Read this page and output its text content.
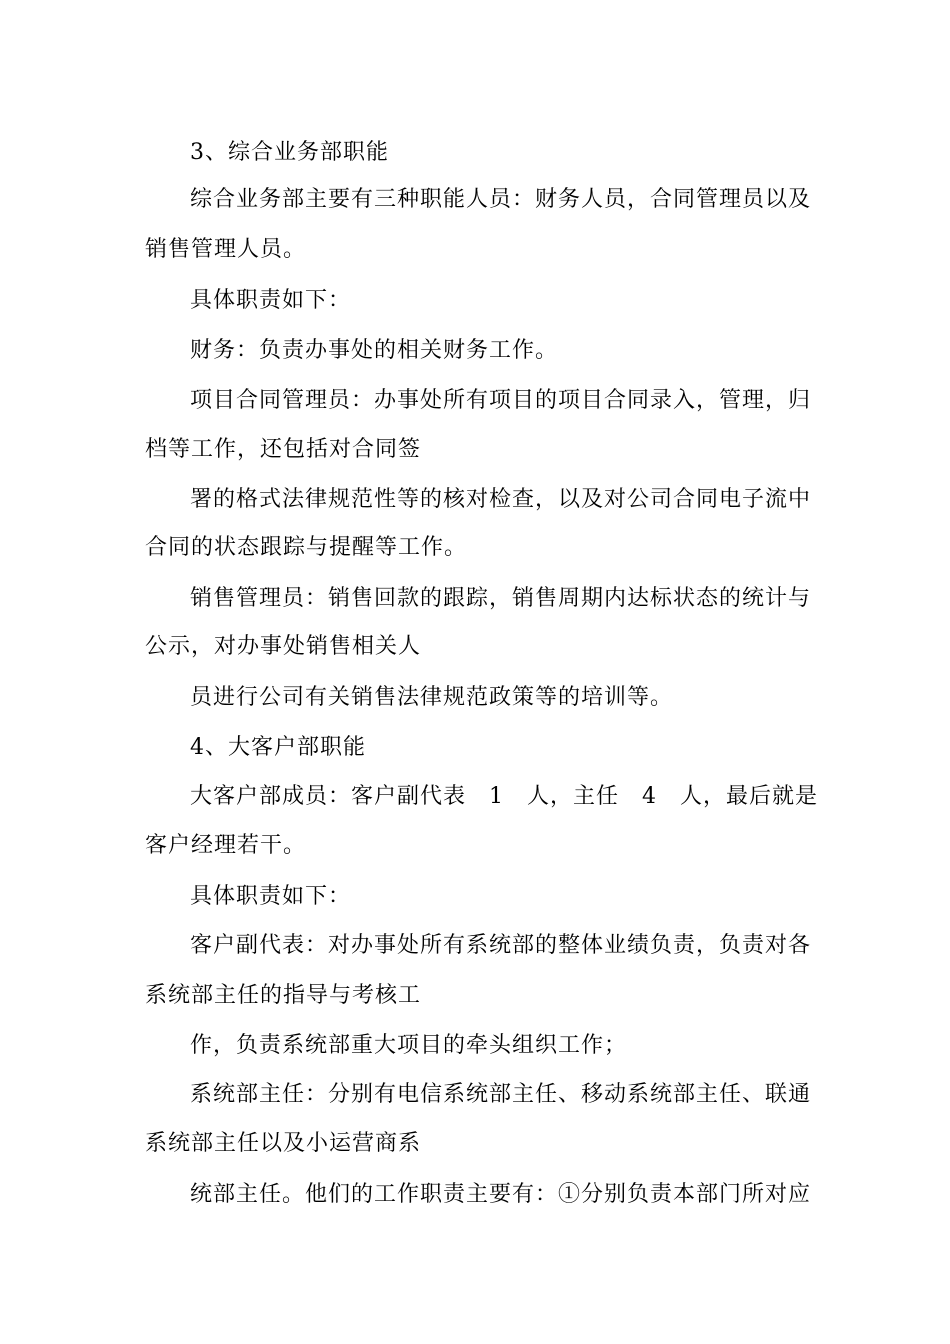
3、综合业务部职能
综合业务部主要有三种职能人员：财务人员，合同管理员以及
销售管理人员。
具体职责如下：
财务：负责办事处的相关财务工作。
项目合同管理员：办事处所有项目的项目合同录入，管理，归
档等工作，还包括对合同签
署的格式法律规范性等的核对检查，以及对公司合同电子流中
合同的状态跟踪与提醒等工作。
销售管理员：销售回款的跟踪，销售周期内达标状态的统计与
公示，对办事处销售相关人
员进行公司有关销售法律规范政策等的培训等。
4、大客户部职能
大客户部成员：客户副代表　1　人，主任　4　人，最后就是
客户经理若干。
具体职责如下：
客户副代表：对办事处所有系统部的整体业绩负责，负责对各
系统部主任的指导与考核工
作，负责系统部重大项目的牵头组织工作；
系统部主任：分别有电信系统部主任、移动系统部主任、联通
系统部主任以及小运营商系
统部主任。他们的工作职责主要有：①分别负责本部门所对应
